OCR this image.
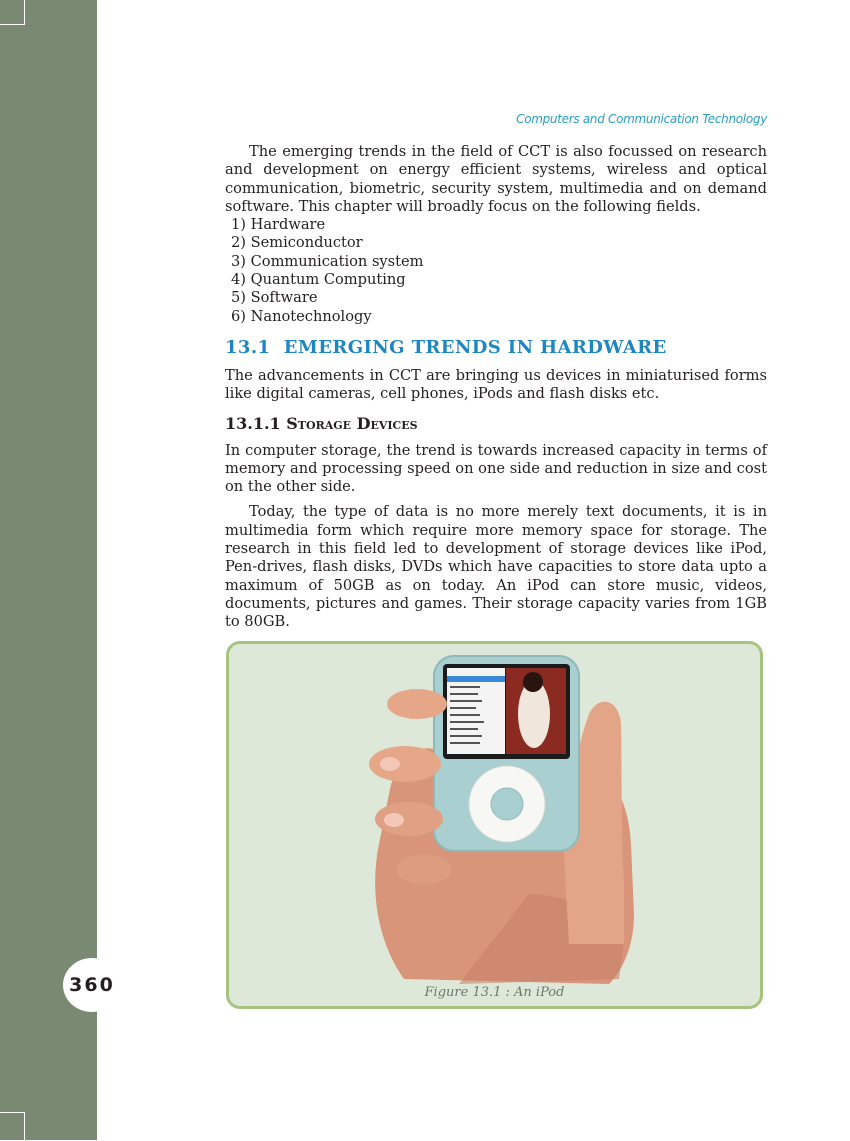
360
Computers and Communication Technology

The emerging trends in the field of CCT is also focussed on research and development on energy efficient systems, wireless and optical communication, biometric, security system, multimedia and on demand software. This chapter will broadly focus on the following fields.

1) Hardware
2) Semiconductor
3) Communication system
4) Quantum Computing
5) Software
6) Nanotechnology
13.1 EMERGING TRENDS IN HARDWARE

The advancements in CCT are bringing us devices in miniaturised forms like digital cameras, cell phones, iPods and flash disks etc.

13.1.1 Storage Devices

In computer storage, the trend is towards increased capacity in terms of memory and processing speed on one side and reduction in size and cost on the other side.

Today, the type of data is no more merely text documents, it is in multimedia form which require more memory space for storage. The research in this field led to development of storage devices like iPod, Pen-drives, flash disks, DVDs which have capacities to store data upto a maximum of 50GB as on today. An iPod can store music, videos, documents, pictures and games. Their storage capacity varies from 1GB to 80GB.

Figure 13.1 : An iPod
